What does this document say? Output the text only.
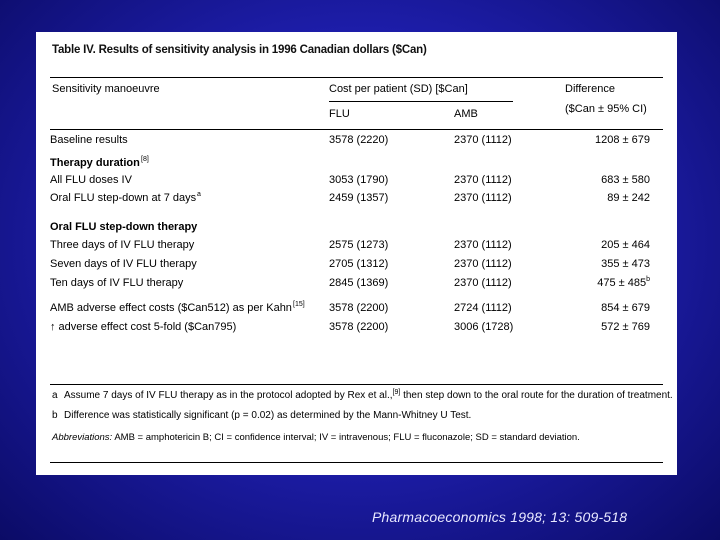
Table IV. Results of sensitivity analysis in 1996 Canadian dollars ($Can)
Sensitivity manoeuvre	Cost per patient (SD) [$Can]
FLU	AMB
Difference
($Can ± 95% CI)
Baseline results	3578 (2220)	2370 (1112)	1208 ± 679
Therapy duration [8]
All FLU doses IV	3053 (1790)	2370 (1112)	683 ± 580
Oral FLU step-down at 7 days a	2459 (1357)	2370 (1112)	89 ± 242
Oral FLU step-down therapy
Three days of IV FLU therapy	2575 (1273)	2370 (1112)	205 ± 464
Seven days of IV FLU therapy	2705 (1312)	2370 (1112)	355 ± 473
Ten days of IV FLU therapy	2845 (1369)	2370 (1112)	$475 \pm 485^b$
AMB adverse effect costs ($Can512) as per Kahn [15] 3578 (2200)	2724 (1112)	854 ± 679
↑ adverse effect cost 5-fold ($Can795)	3578 (2200)	3006 (1728)	572 ± 769
a Assume 7 days of IV FLU therapy as in the protocol adopted by Rex et al.,[9] then step down to the oral route for the duration of treatment.
b Difference was statistically significant (p = 0.02) as determined by the Mann-Whitney U Test.
Abbreviations: AMB = amphotericin B; CI = confidence interval; IV = intravenous; FLU = fluconazole; SD = standard deviation.
Pharmacoeconomics 1998; 13: 509-518
